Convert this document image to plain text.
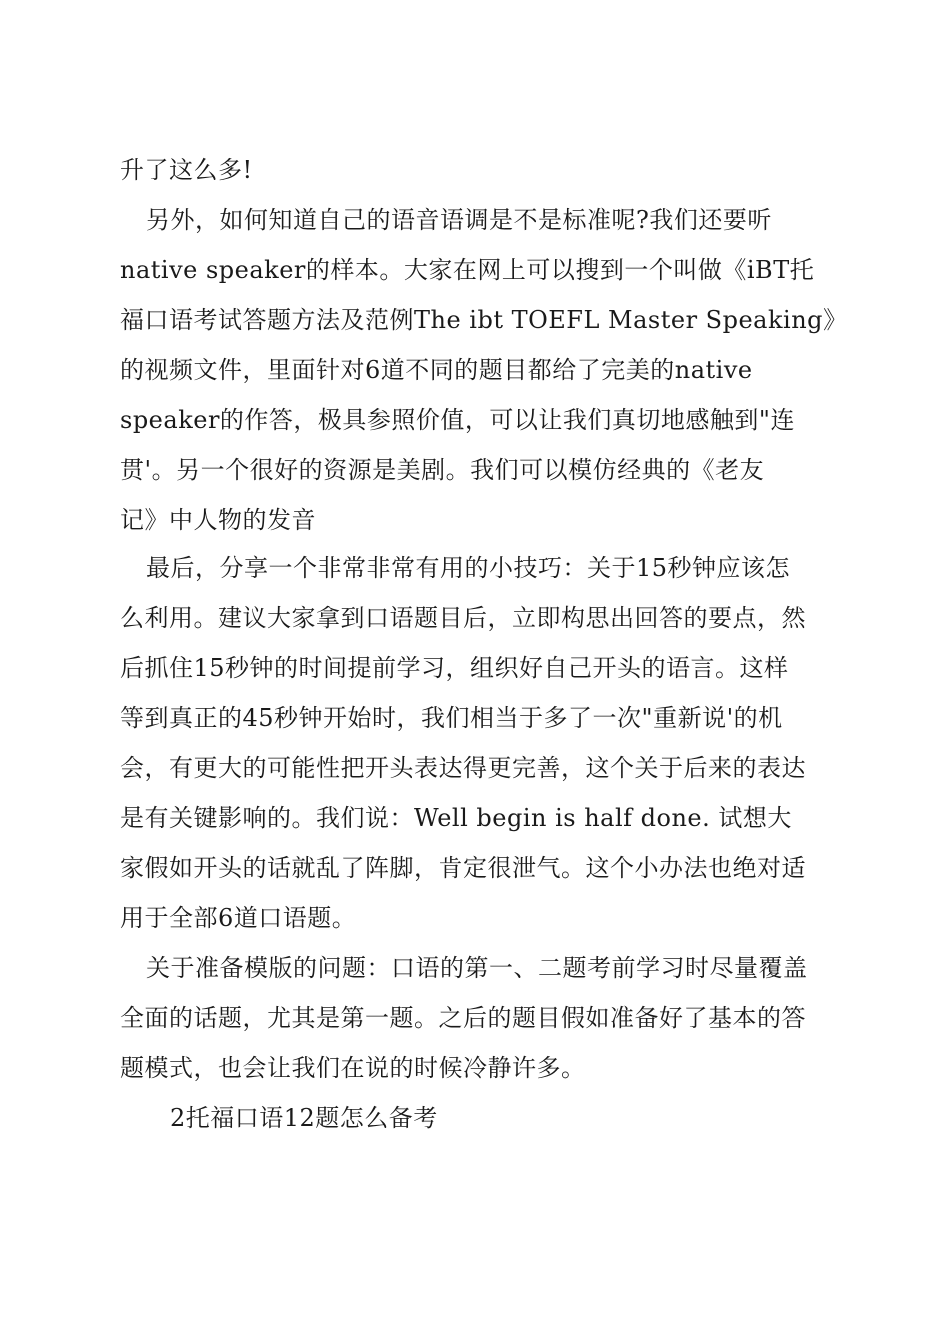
升了这么多!
另外，如何知道自己的语音语调是不是标准呢?我们还要听
native speaker的样本。大家在网上可以搜到一个叫做《iBT托
福口语考试答题方法及范例The ibt TOEFL Master Speaking》
的视频文件，里面针对6道不同的题目都给了完美的native
speaker的作答，极具参照价值，可以让我们真切地感触到"连
贯'。另一个很好的资源是美剧。我们可以模仿经典的《老友
记》中人物的发音
最后，分享一个非常非常有用的小技巧：关于15秒钟应该怎
么利用。建议大家拿到口语题目后，立即构思出回答的要点，然
后抓住15秒钟的时间提前学习，组织好自己开头的语言。这样
等到真正的45秒钟开始时，我们相当于多了一次"重新说'的机
会，有更大的可能性把开头表达得更完善，这个关于后来的表达
是有关键影响的。我们说：Well begin is half done. 试想大
家假如开头的话就乱了阵脚，肯定很泄气。这个小办法也绝对适
用于全部6道口语题。
关于准备模版的问题：口语的第一、二题考前学习时尽量覆盖
全面的话题，尤其是第一题。之后的题目假如准备好了基本的答
题模式，也会让我们在说的时候冷静许多。
2托福口语12题怎么备考
